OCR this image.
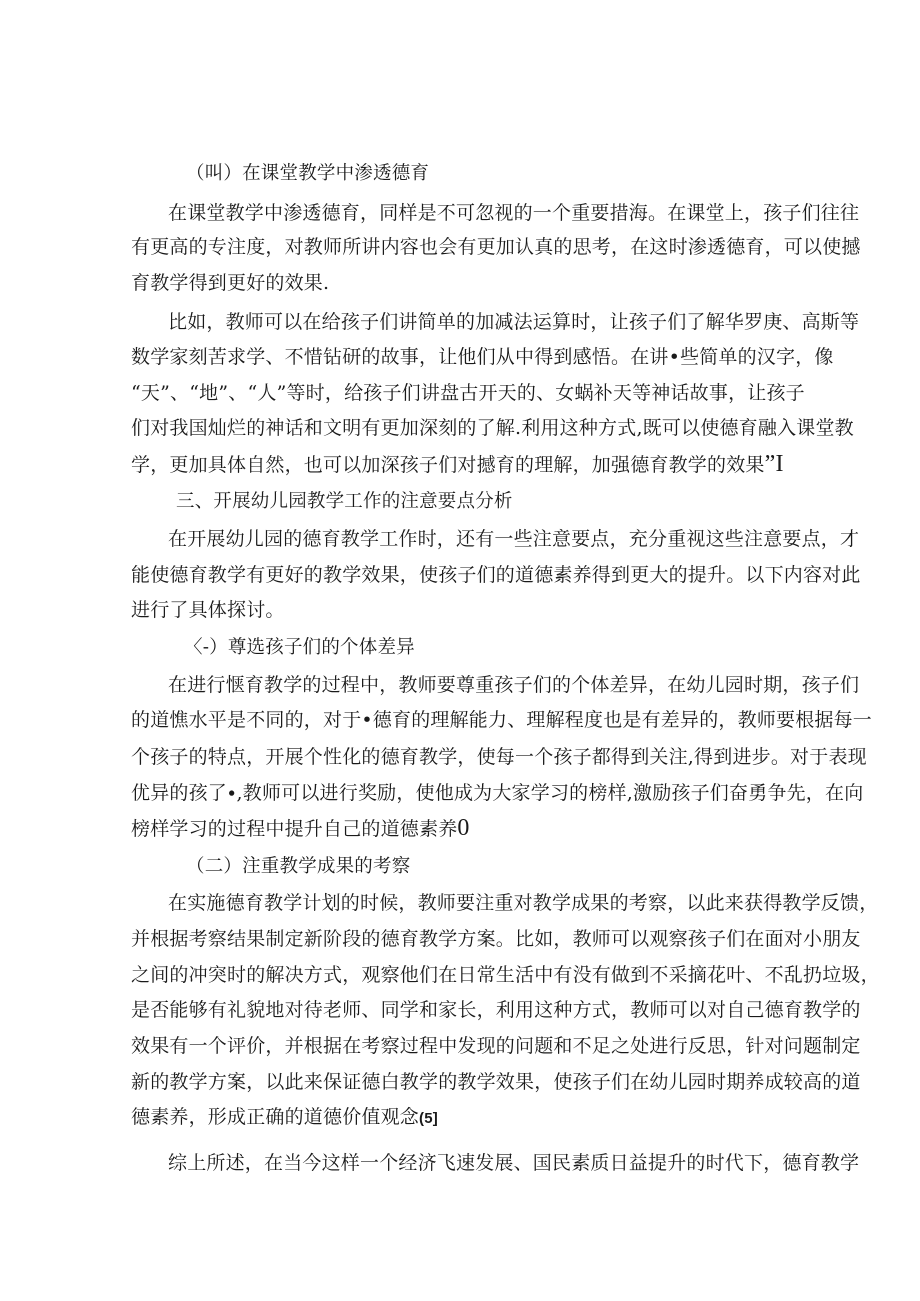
（叫）在课堂教学中渗透德育
在课堂教学中渗透德育，同样是不可忽视的一个重要措海。在课堂上，孩子们往往
有更高的专注度，对教师所讲内容也会有更加认真的思考，在这时渗透德育，可以使撼
育教学得到更好的效果.
比如，教师可以在给孩子们讲简单的加减法运算时，让孩子们了解华罗庚、高斯等
数学家刻苦求学、不惜钻研的故事，让他们从中得到感悟。在讲•些简单的汉字，像
“天”、“地”、“人”等时，给孩子们讲盘古开天的、女蜗补天等神话故事，让孩子
们对我国灿烂的神话和文明有更加深刻的了解.利用这种方式,既可以使德育融入课堂教
学，更加具体自然，也可以加深孩子们对撼育的理解，加强德育教学的效果”I
三、开展幼儿园教学工作的注意要点分析
在开展幼儿园的德育教学工作时，还有一些注意要点，充分重视这些注意要点，才
能使德育教学有更好的教学效果，使孩子们的道德素养得到更大的提升。以下内容对此
进行了具体探讨。
〈-）尊选孩子们的个体差异
在进行惬育教学的过程中，教师要尊重孩子们的个体差异，在幼儿园时期，孩子们
的道憔水平是不同的，对于•德育的理解能力、理解程度也是有差异的，教师要根据每一
个孩子的特点，开展个性化的德育教学，使每一个孩子都得到关注,得到进步。对于表现
优异的孩了∙,教师可以进行奖励，使他成为大家学习的榜样,激励孩子们奋勇争先，在向
榜样学习的过程中提升自己的道德素养0
（二）注重教学成果的考察
在实施德育教学计划的时候，教师要注重对教学成果的考察，以此来获得教学反馈，
并根据考察结果制定新阶段的德育教学方案。比如，教师可以观察孩子们在面对小朋友
之间的冲突时的解决方式，观察他们在日常生活中有没有做到不采摘花叶、不乱扔垃圾，
是否能够有礼貌地对待老师、同学和家长，利用这种方式，教师可以对自己德育教学的
效果有一个评价，并根据在考察过程中发现的问题和不足之处进行反思，针对问题制定
新的教学方案，以此来保证德白教学的教学效果，使孩子们在幼儿园时期养成较高的道
德素养，形成正确的道德价值观念(5]
综上所述，在当今这样一个经济飞速发展、国民素质日益提升的时代下，德育教学
